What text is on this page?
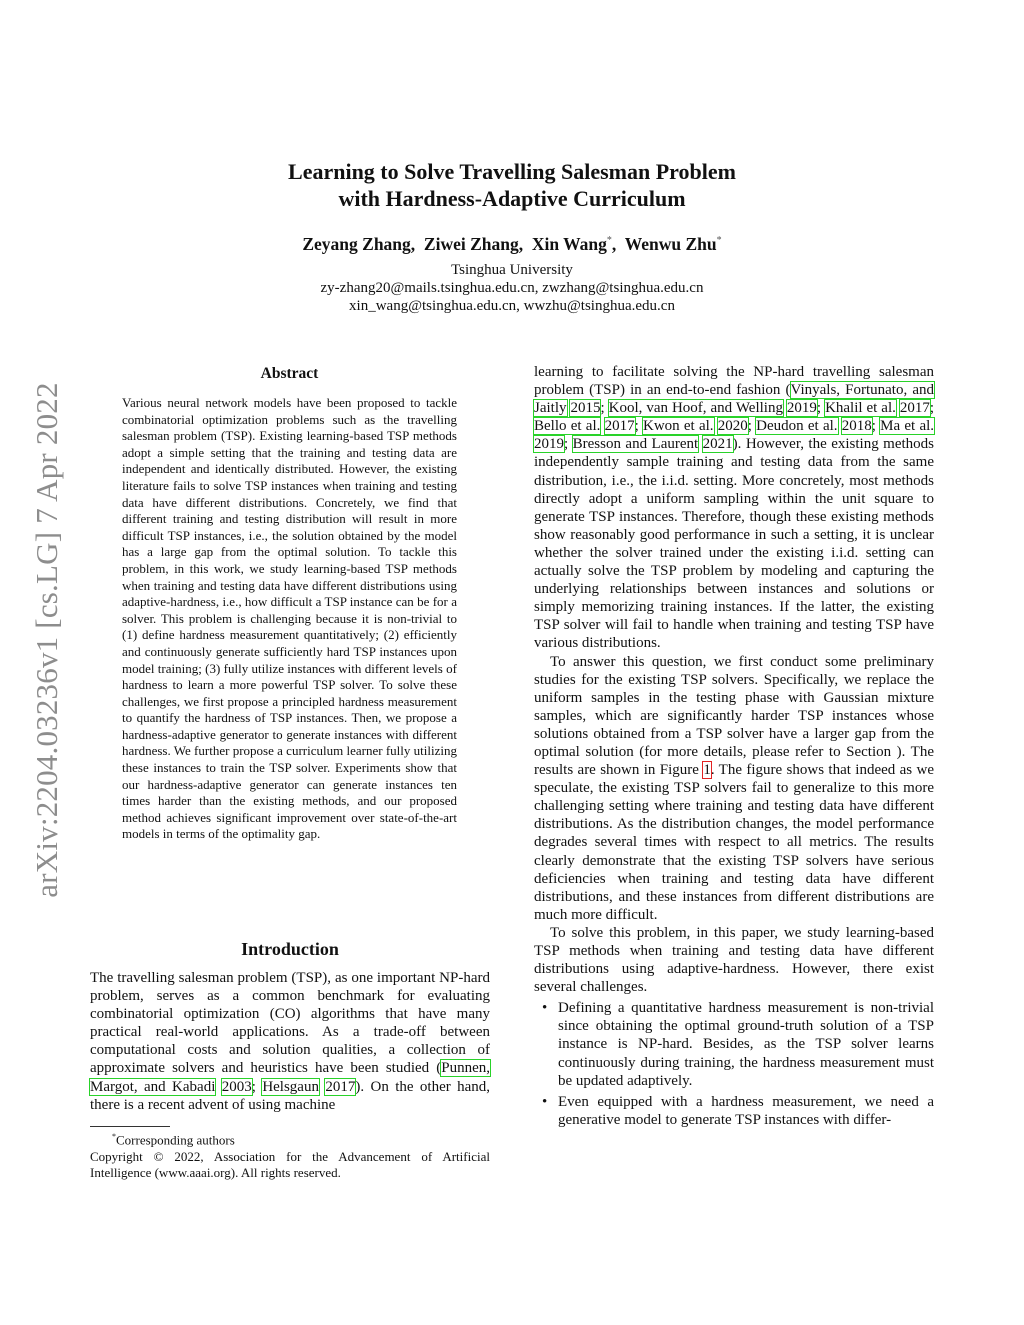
arXiv:2204.03236v1 [cs.LG] 7 Apr 2022
Learning to Solve Travelling Salesman Problem
with Hardness-Adaptive Curriculum
Zeyang Zhang, Ziwei Zhang, Xin Wang*, Wenwu Zhu*
Tsinghua University
zy-zhang20@mails.tsinghua.edu.cn, zwzhang@tsinghua.edu.cn
xin_wang@tsinghua.edu.cn, wwzhu@tsinghua.edu.cn
Abstract

Various neural network models have been proposed to tackle combinatorial optimization problems such as the travelling salesman problem (TSP). Existing learning-based TSP methods adopt a simple setting that the training and testing data are independent and identically distributed. However, the existing literature fails to solve TSP instances when training and testing data have different distributions. Concretely, we find that different training and testing distribution will result in more difficult TSP instances, i.e., the solution obtained by the model has a large gap from the optimal solution. To tackle this problem, in this work, we study learning-based TSP methods when training and testing data have different distributions using adaptive-hardness, i.e., how difficult a TSP instance can be for a solver. This problem is challenging because it is non-trivial to (1) define hardness measurement quantitatively; (2) efficiently and continuously generate sufficiently hard TSP instances upon model training; (3) fully utilize instances with different levels of hardness to learn a more powerful TSP solver. To solve these challenges, we first propose a principled hardness measurement to quantify the hardness of TSP instances. Then, we propose a hardness-adaptive generator to generate instances with different hardness. We further propose a curriculum learner fully utilizing these instances to train the TSP solver. Experiments show that our hardness-adaptive generator can generate instances ten times harder than the existing methods, and our proposed method achieves significant improvement over state-of-the-art models in terms of the optimality gap.

Introduction

The travelling salesman problem (TSP), as one important NP-hard problem, serves as a common benchmark for evaluating combinatorial optimization (CO) algorithms that have many practical real-world applications. As a trade-off between computational costs and solution qualities, a collection of approximate solvers and heuristics have been studied (Punnen, Margot, and Kabadi 2003; Helsgaun 2017). On the other hand, there is a recent advent of using machine

*Corresponding authors
Copyright © 2022, Association for the Advancement of Artificial Intelligence (www.aaai.org). All rights reserved.

learning to facilitate solving the NP-hard travelling salesman problem (TSP) in an end-to-end fashion (Vinyals, Fortunato, and Jaitly 2015; Kool, van Hoof, and Welling 2019; Khalil et al. 2017; Bello et al. 2017; Kwon et al. 2020; Deudon et al. 2018; Ma et al. 2019; Bresson and Laurent 2021). However, the existing methods independently sample training and testing data from the same distribution, i.e., the i.i.d. setting. More concretely, most methods directly adopt a uniform sampling within the unit square to generate TSP instances. Therefore, though these existing methods show reasonably good performance in such a setting, it is unclear whether the solver trained under the existing i.i.d. setting can actually solve the TSP problem by modeling and capturing the underlying relationships between instances and solutions or simply memorizing training instances. If the latter, the existing TSP solver will fail to handle when training and testing TSP have various distributions.

To answer this question, we first conduct some preliminary studies for the existing TSP solvers. Specifically, we replace the uniform samples in the testing phase with Gaussian mixture samples, which are significantly harder TSP instances whose solutions obtained from a TSP solver have a larger gap from the optimal solution (for more details, please refer to Section ). The results are shown in Figure 1. The figure shows that indeed as we speculate, the existing TSP solvers fail to generalize to this more challenging setting where training and testing data have different distributions. As the distribution changes, the model performance degrades several times with respect to all metrics. The results clearly demonstrate that the existing TSP solvers have serious deficiencies when training and testing data have different distributions, and these instances from different distributions are much more difficult.

To solve this problem, in this paper, we study learning-based TSP methods when training and testing data have different distributions using adaptive-hardness. However, there exist several challenges.

• Defining a quantitative hardness measurement is non-trivial since obtaining the optimal ground-truth solution of a TSP instance is NP-hard. Besides, as the TSP solver learns continuously during training, the hardness measurement must be updated adaptively.
• Even equipped with a hardness measurement, we need a generative model to generate TSP instances with differ-
